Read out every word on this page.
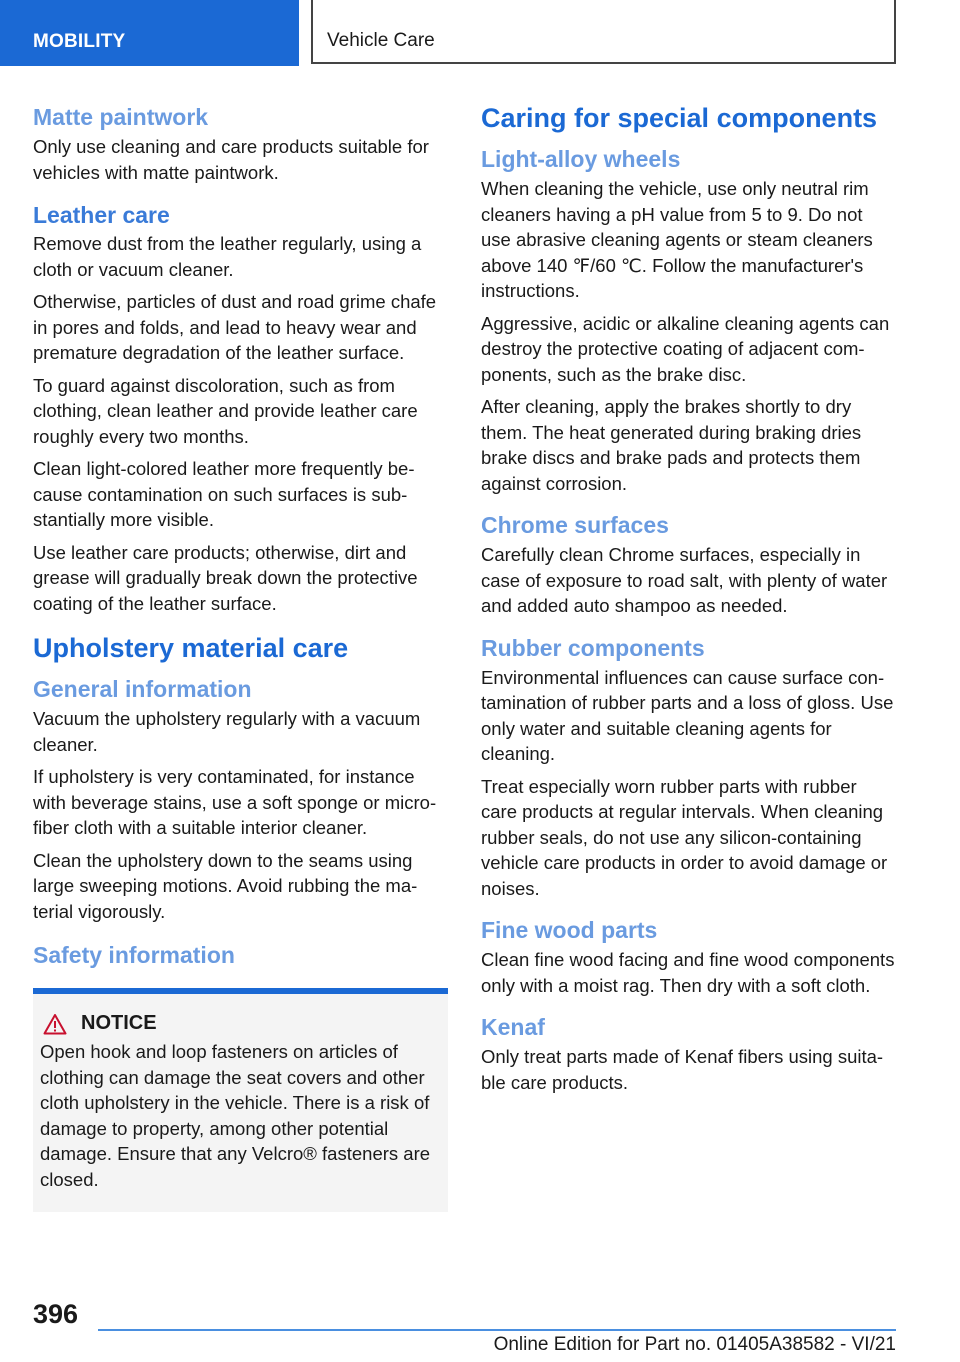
MOBILITY	Vehicle Care
Matte paintwork

Only use cleaning and care products suitable for vehicles with matte paintwork.

Leather care

Remove dust from the leather regularly, using a cloth or vacuum cleaner.

Otherwise, particles of dust and road grime chafe in pores and folds, and lead to heavy wear and premature degradation of the leather surface.

To guard against discoloration, such as from clothing, clean leather and provide leather care roughly every two months.

Clean light-colored leather more frequently because contamination on such surfaces is substantially more visible.

Use leather care products; otherwise, dirt and grease will gradually break down the protective coating of the leather surface.

Upholstery material care
General information

Vacuum the upholstery regularly with a vacuum cleaner.

If upholstery is very contaminated, for instance with beverage stains, use a soft sponge or microfiber cloth with a suitable interior cleaner.

Clean the upholstery down to the seams using large sweeping motions. Avoid rubbing the material vigorously.

Safety information
NOTICE

Open hook and loop fasteners on articles of clothing can damage the seat covers and other cloth upholstery in the vehicle. There is a risk of damage to property, among other potential damage. Ensure that any Velcro® fasteners are closed.

Caring for special components
Light-alloy wheels

When cleaning the vehicle, use only neutral rim cleaners having a pH value from 5 to 9. Do not use abrasive cleaning agents or steam cleaners above 140 ℉/60 ℃. Follow the manufacturer's instructions.

Aggressive, acidic or alkaline cleaning agents can destroy the protective coating of adjacent components, such as the brake disc.

After cleaning, apply the brakes shortly to dry them. The heat generated during braking dries brake discs and brake pads and protects them against corrosion.

Chrome surfaces

Carefully clean Chrome surfaces, especially in case of exposure to road salt, with plenty of water and added auto shampoo as needed.

Rubber components

Environmental influences can cause surface contamination of rubber parts and a loss of gloss. Use only water and suitable cleaning agents for cleaning.

Treat especially worn rubber parts with rubber care products at regular intervals. When cleaning rubber seals, do not use any silicon-containing vehicle care products in order to avoid damage or noises.

Fine wood parts

Clean fine wood facing and fine wood components only with a moist rag. Then dry with a soft cloth.

Kenaf

Only treat parts made of Kenaf fibers using suitable care products.

396
Online Edition for Part no. 01405A38582 - VI/21
